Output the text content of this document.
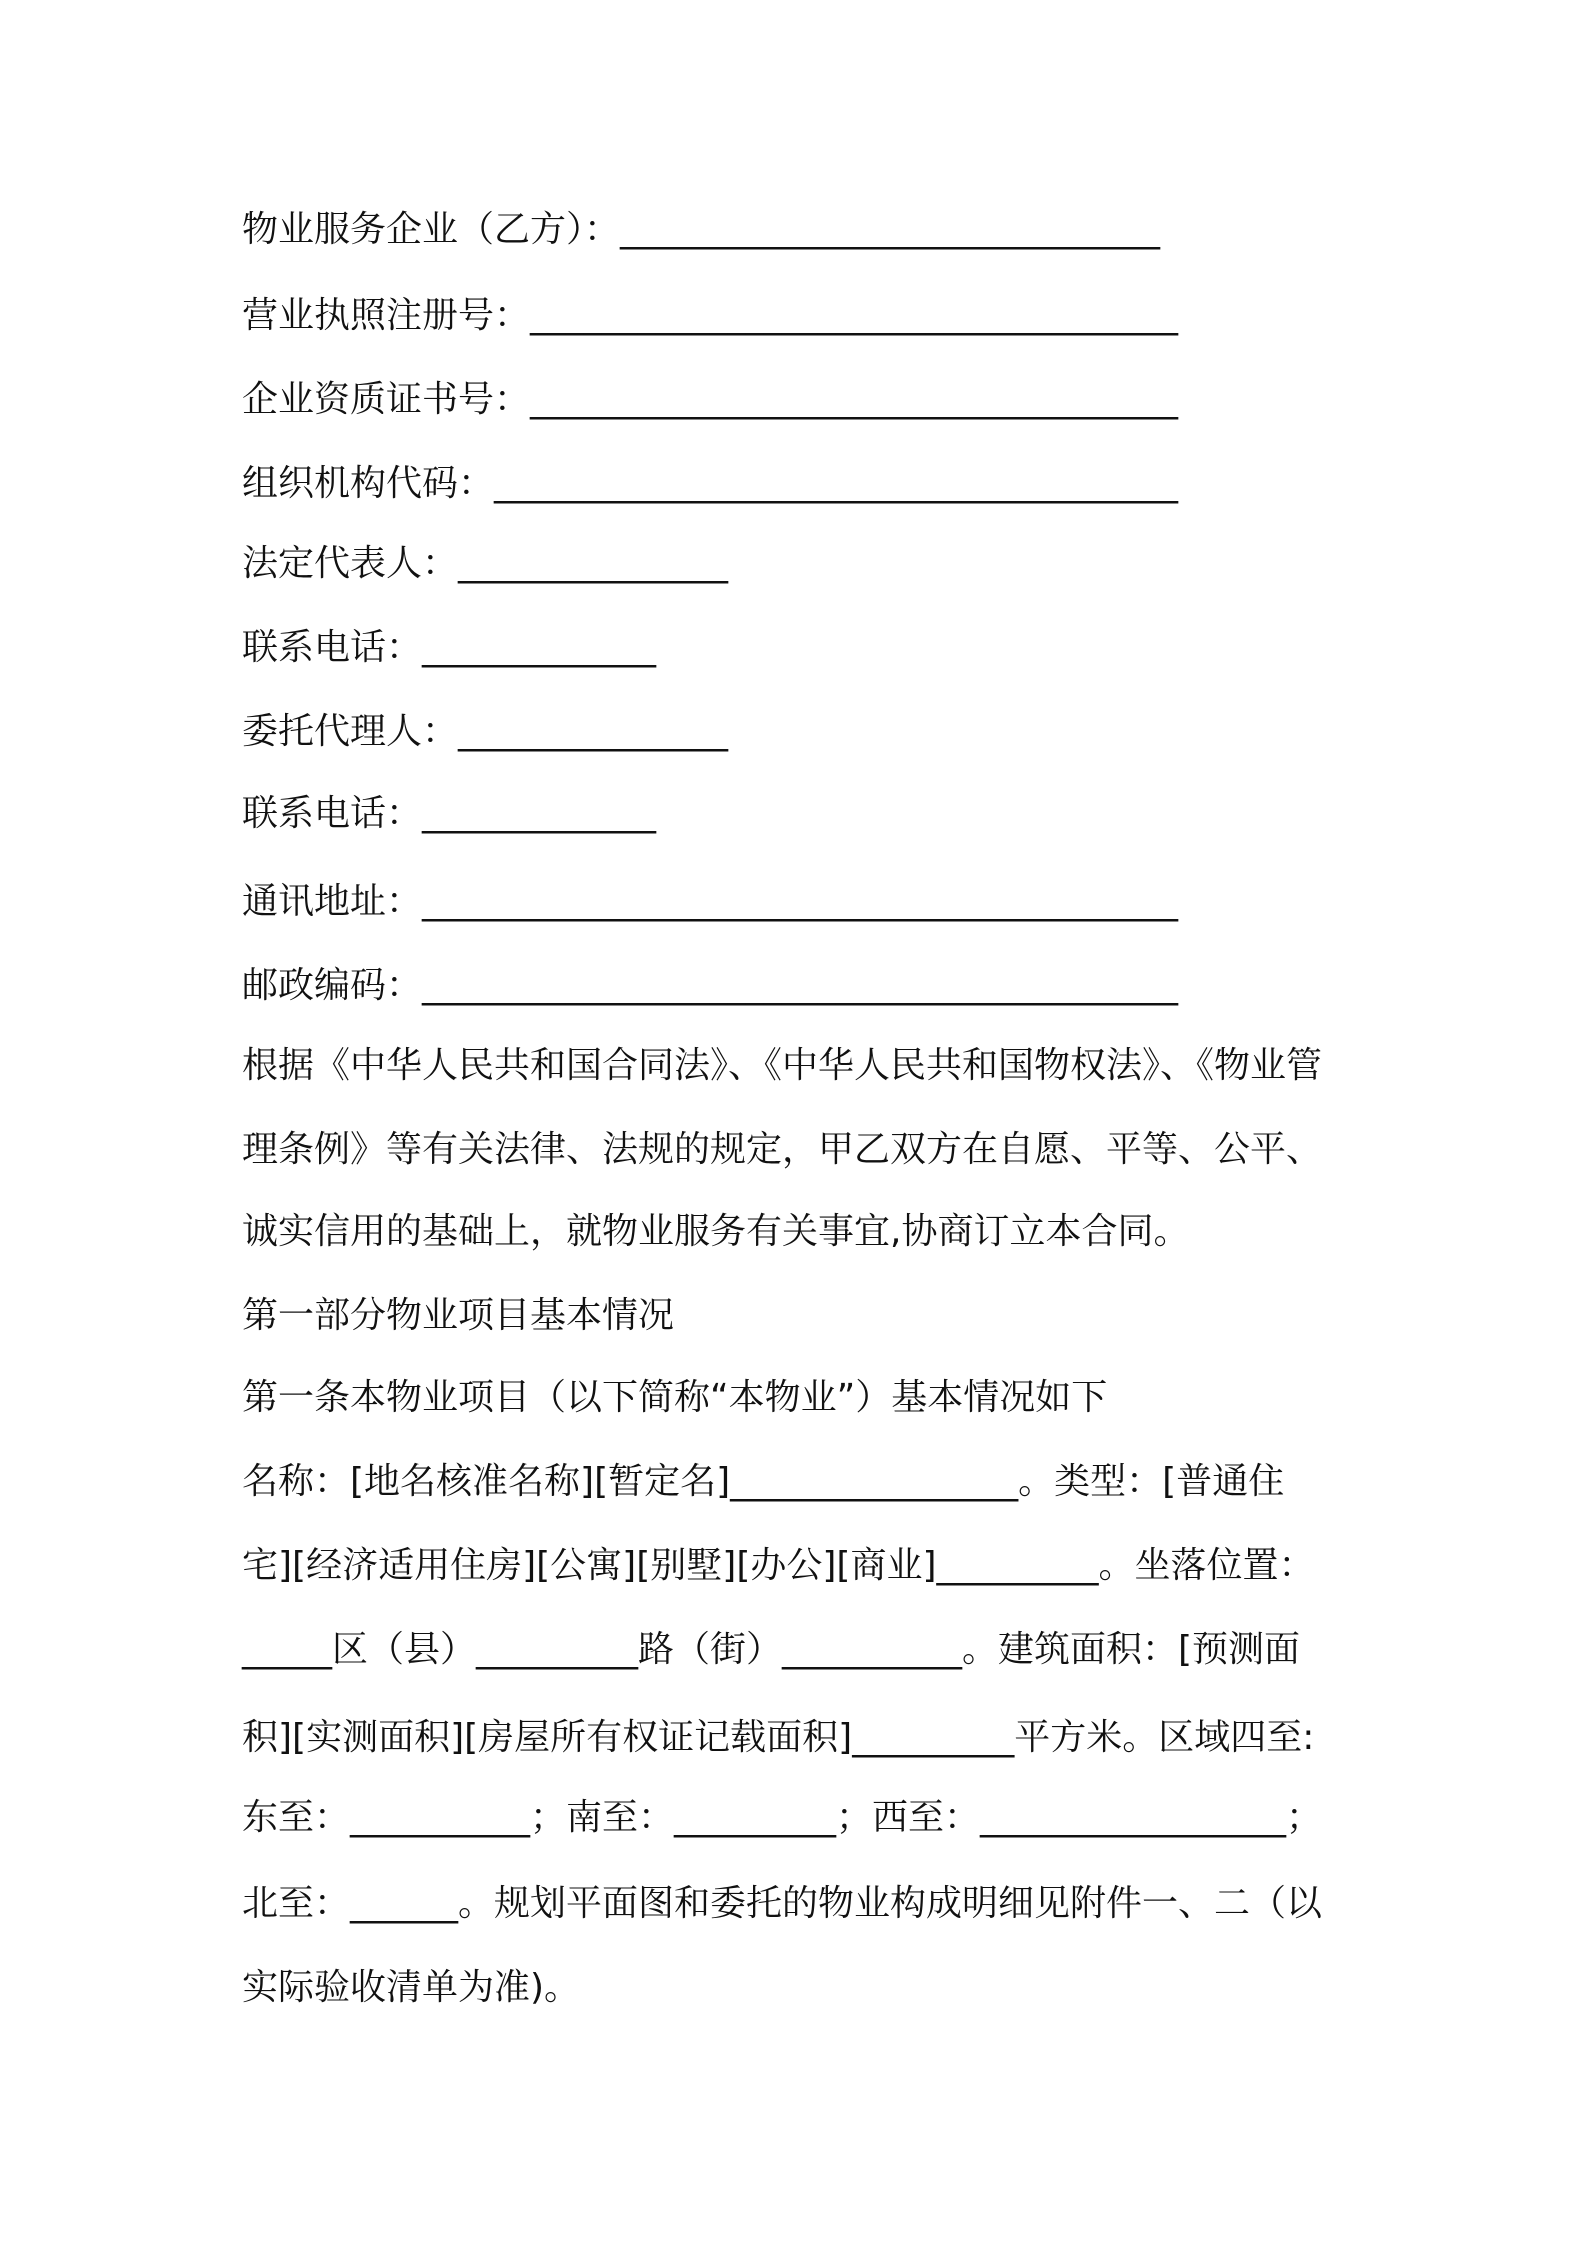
物业服务企业（乙方）：______________________________
营业执照注册号：____________________________________
企业资质证书号：____________________________________
组织机构代码：______________________________________
法定代表人：_______________
联系电话：_____________
委托代理人：_______________
联系电话：_____________
通讯地址：__________________________________________
邮政编码：__________________________________________
根据《中华人民共和国合同法》、《中华人民共和国物权法》、《物业管
理条例》等有关法律、法规的规定，甲乙双方在自愿、平等、公平、
诚实信用的基础上，就物业服务有关事宜,协商订立本合同。
第一部分物业项目基本情况
第一条本物业项目（以下简称“本物业”）基本情况如下
名称：[地名核准名称][暂定名]________________。类型：[普通住
宅][经济适用住房][公寓][别墅][办公][商业]_________。坐落位置：
_____区（县）_________路（街）__________。建筑面积：[预测面
积][实测面积][房屋所有权证记载面积]_________平方米。区域四至:
东至：__________；南至：_________；西至：_________________；
北至：______。规划平面图和委托的物业构成明细见附件一、二（以
实际验收清单为准)。
